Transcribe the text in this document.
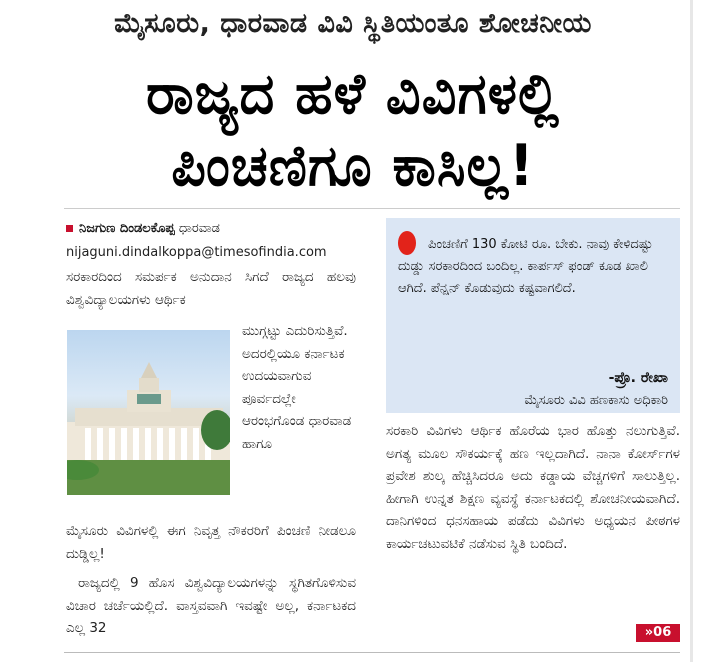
ಮೈಸೂರು, ಧಾರವಾಡ ವಿವಿ ಸ್ಥಿತಿಯಂತೂ ಶೋಚನೀಯ
ರಾಜ್ಯದ ಹಳೆ ವಿವಿಗಳಲ್ಲಿ
ಪಿಂಚಣಿಗೂ ಕಾಸಿಲ್ಲ!
ನಿಜಗುಣ ದಿಂಡಲಕೊಪ್ಪ ಧಾರವಾಡ
nijaguni.dindalkoppa@timesofindia.com
ಸರಕಾರದಿಂದ ಸಮರ್ಪಕ ಅನುದಾನ ಸಿಗದೆ ರಾಜ್ಯದ ಹಲವು ವಿಶ್ವವಿದ್ಯಾಲಯಗಳು ಆರ್ಥಿಕ
ಮುಗ್ಗಟ್ಟು ಎದುರಿಸುತ್ತಿವೆ. ಅದರಲ್ಲಿಯೂ ಕರ್ನಾಟಕ ಉದಯವಾಗುವ ಪೂರ್ವದಲ್ಲೇ ಆರಂಭಗೊಂಡ ಧಾರವಾಡ ಹಾಗೂ
ಮೈಸೂರು ವಿವಿಗಳಲ್ಲಿ ಈಗ ನಿವೃತ್ತ ನೌಕರರಿಗೆ ಪಿಂಚಣಿ ನೀಡಲೂ ದುಡ್ಡಿಲ್ಲ!
ರಾಜ್ಯದಲ್ಲಿ 9 ಹೊಸ ವಿಶ್ವವಿದ್ಯಾಲಯಗಳನ್ನು ಸ್ಥಗಿತಗೊಳಿಸುವ ವಿಚಾರ ಚರ್ಚೆಯಲ್ಲಿದೆ. ವಾಸ್ತವವಾಗಿ ಇವಷ್ಟೇ ಅಲ್ಲ, ಕರ್ನಾಟಕದ ಎಲ್ಲ 32
ಪಿಂಚಣಿಗೆ 130 ಕೋಟಿ ರೂ. ಬೇಕು. ನಾವು ಕೇಳಿದಷ್ಟು ದುಡ್ಡು ಸರಕಾರದಿಂದ ಬಂದಿಲ್ಲ. ಕಾರ್ಪಸ್ ಫಂಡ್ ಕೂಡ ಖಾಲಿ ಆಗಿದೆ. ಪೆನ್ಷನ್ ಕೊಡುವುದು ಕಷ್ಟವಾಗಲಿದೆ.
-ಪ್ರೊ. ರೇಖಾ
ಮೈಸೂರು ವಿವಿ ಹಣಕಾಸು ಅಧಿಕಾರಿ
ಸರಕಾರಿ ವಿವಿಗಳು ಆರ್ಥಿಕ ಹೊರೆಯ ಭಾರ ಹೊತ್ತು ನಲುಗುತ್ತಿವೆ. ಅಗತ್ಯ ಮೂಲ ಸೌಕರ್ಯಕ್ಕೆ ಹಣ ಇಲ್ಲದಾಗಿದೆ. ನಾನಾ ಕೋರ್ಸ್‌ಗಳ ಪ್ರವೇಶ ಶುಲ್ಕ ಹೆಚ್ಚಿಸಿದರೂ ಅದು ಕಡ್ಡಾಯ ವೆಚ್ಚಗಳಿಗೆ ಸಾಲುತ್ತಿಲ್ಲ. ಹೀಗಾಗಿ ಉನ್ನತ ಶಿಕ್ಷಣ ವ್ಯವಸ್ಥೆ ಕರ್ನಾಟಕದಲ್ಲಿ ಶೋಚನೀಯವಾಗಿದೆ. ದಾನಿಗಳಿಂದ ಧನಸಹಾಯ ಪಡೆದು ವಿವಿಗಳು ಅಧ್ಯಯನ ಪೀಠಗಳ ಕಾರ್ಯಚಟುವಟಿಕೆ ನಡೆಸುವ ಸ್ಥಿತಿ ಬಂದಿದೆ.
»06
